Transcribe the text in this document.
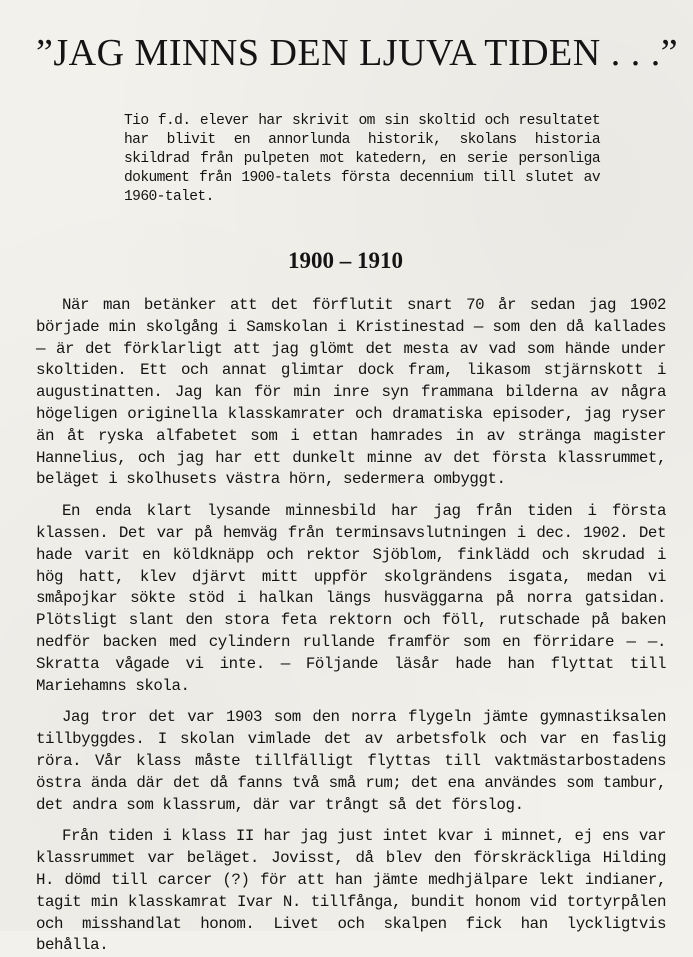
”JAG MINNS DEN LJUVA TIDEN . . .”

Tio f.d. elever har skrivit om sin skoltid och resultatet har blivit en annorlunda historik, skolans historia skildrad från pulpeten mot katedern, en serie personliga dokument från 1900-talets första decennium till slutet av 1960-talet.

1900 – 1910

När man betänker att det förflutit snart 70 år sedan jag 1902 började min skolgång i Samskolan i Kristinestad — som den då kallades — är det förklarligt att jag glömt det mesta av vad som hände under skoltiden. Ett och annat glimtar dock fram, likasom stjärnskott i augustinatten. Jag kan för min inre syn frammana bilderna av några högeligen originella klasskamrater och dramatiska episoder, jag ryser än åt ryska alfabetet som i ettan hamrades in av stränga magister Hannelius, och jag har ett dunkelt minne av det första klassrummet, beläget i skolhusets västra hörn, sedermera ombyggt.

En enda klart lysande minnesbild har jag från tiden i första klassen. Det var på hemväg från terminsavslutningen i dec. 1902. Det hade varit en köldknäpp och rektor Sjöblom, finklädd och skrudad i hög hatt, klev djärvt mitt uppför skolgrändens isgata, medan vi småpojkar sökte stöd i halkan längs husväggarna på norra gatsidan. Plötsligt slant den stora feta rektorn och föll, rutschade på baken nedför backen med cylindern rullande framför som en förridare — —. Skratta vågade vi inte. — Följande läsår hade han flyttat till Mariehamns skola.

Jag tror det var 1903 som den norra flygeln jämte gymnastiksalen tillbyggdes. I skolan vimlade det av arbetsfolk och var en faslig röra. Vår klass måste tillfälligt flyttas till vaktmästarbostadens östra ända där det då fanns två små rum; det ena användes som tambur, det andra som klassrum, där var trångt så det förslog.

Från tiden i klass II har jag just intet kvar i minnet, ej ens var klassrummet var beläget. Jovisst, då blev den förskräckliga Hilding H. dömd till carcer (?) för att han jämte medhjälpare lekt indianer, tagit min klasskamrat Ivar N. tillfånga, bundit honom vid tortyrpålen och misshandlat honom. Livet och skalpen fick han lyckligtvis behålla.
